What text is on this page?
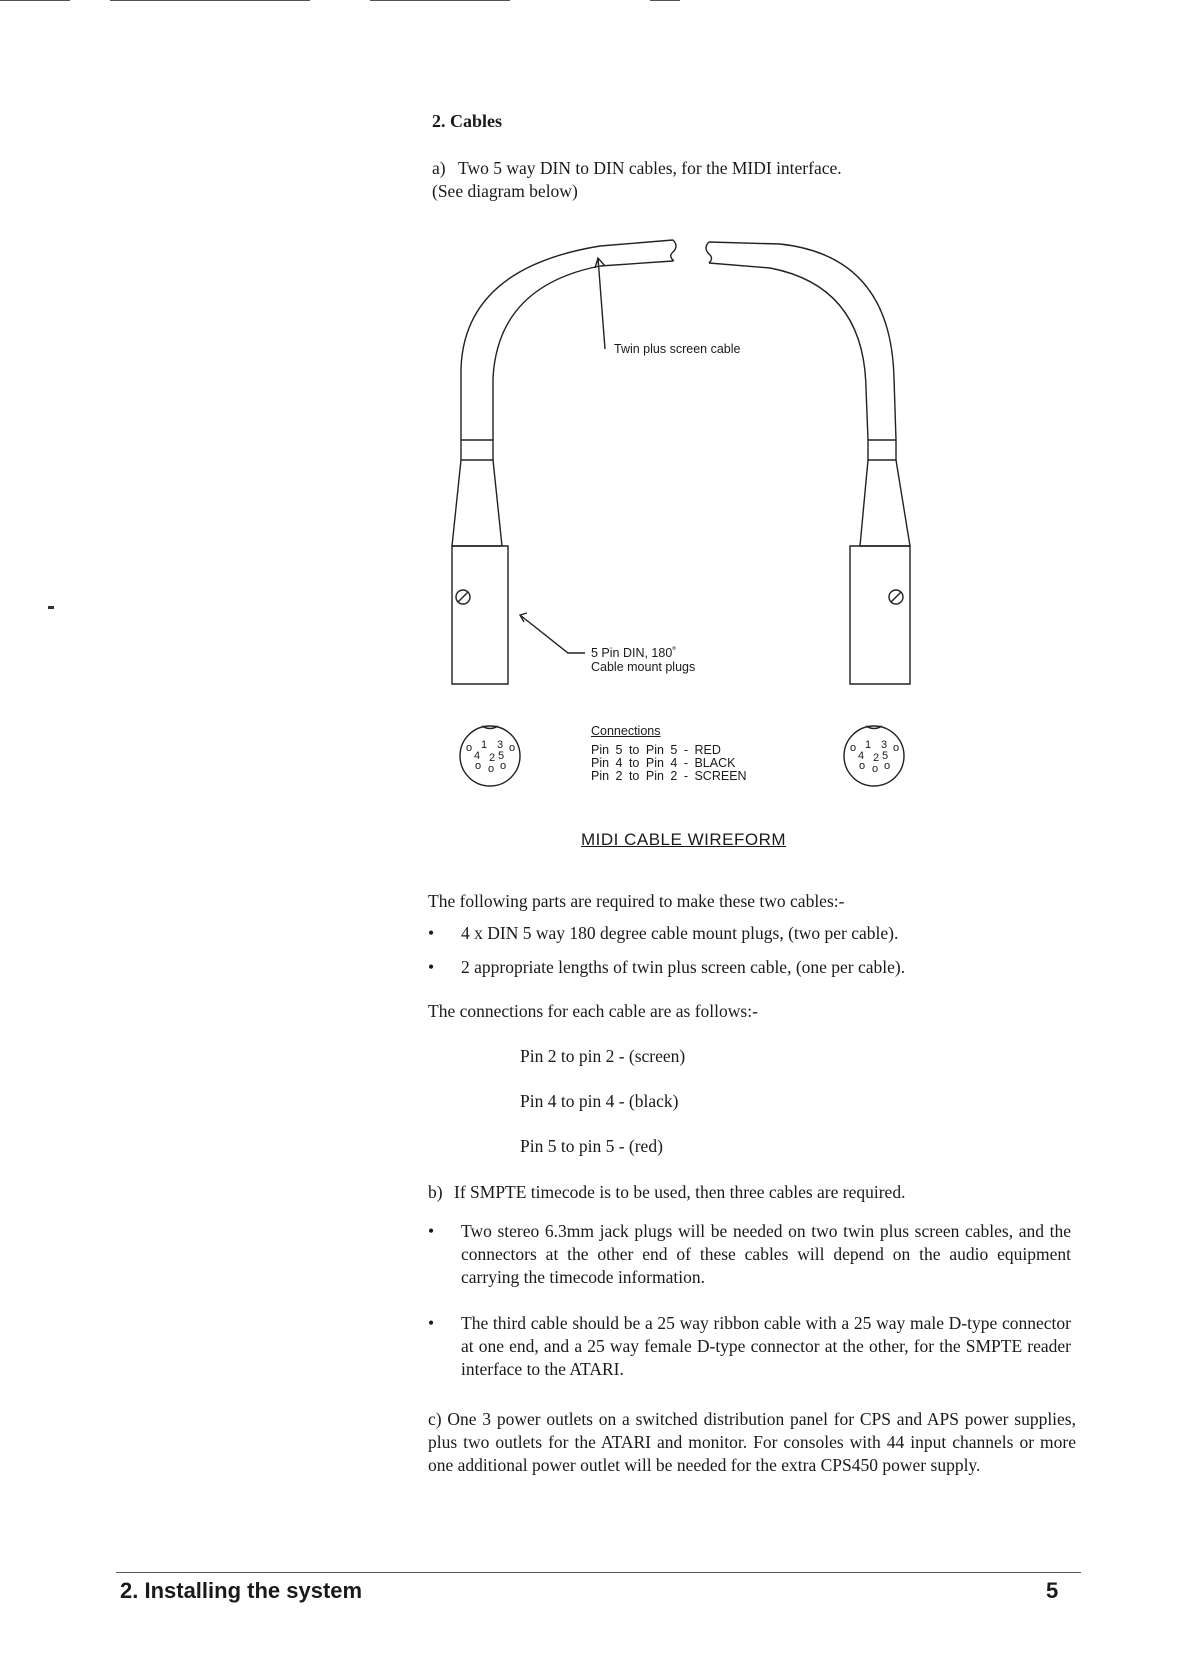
2. Cables
a) Two 5 way DIN to DIN cables, for the MIDI interface.
(See diagram below)
Twin plus screen cable
5 Pin DIN, 180˚
Cable mount plugs
Connections
Pin 5 to Pin 5 - RED
Pin 4 to Pin 4 - BLACK
Pin 2 to Pin 2 - SCREEN
1 3
4 2 5
o	o
o o o
1 3
4 2 5
o	o
o o o
MIDI CABLE WIREFORM
The following parts are required to make these two cables:-
•	4 x DIN 5 way 180 degree cable mount plugs, (two per cable).
•	2 appropriate lengths of twin plus screen cable, (one per cable).
The connections for each cable are as follows:-
Pin 2 to pin 2 - (screen)
Pin 4 to pin 4 - (black)
Pin 5 to pin 5 - (red)
b) If SMPTE timecode is to be used, then three cables are required.
•	Two stereo 6.3mm jack plugs will be needed on two twin plus screen cables, and the connectors at the other end of these cables will depend on the audio equipment carrying the timecode information.
•	The third cable should be a 25 way ribbon cable with a 25 way male D-type connector at one end, and a 25 way female D-type connector at the other, for the SMPTE reader interface to the ATARI.
c) One 3 power outlets on a switched distribution panel for CPS and APS power supplies, plus two outlets for the ATARI and monitor. For consoles with 44 input channels or more one additional power outlet will be needed for the extra CPS450 power supply.
2. Installing the system	5
